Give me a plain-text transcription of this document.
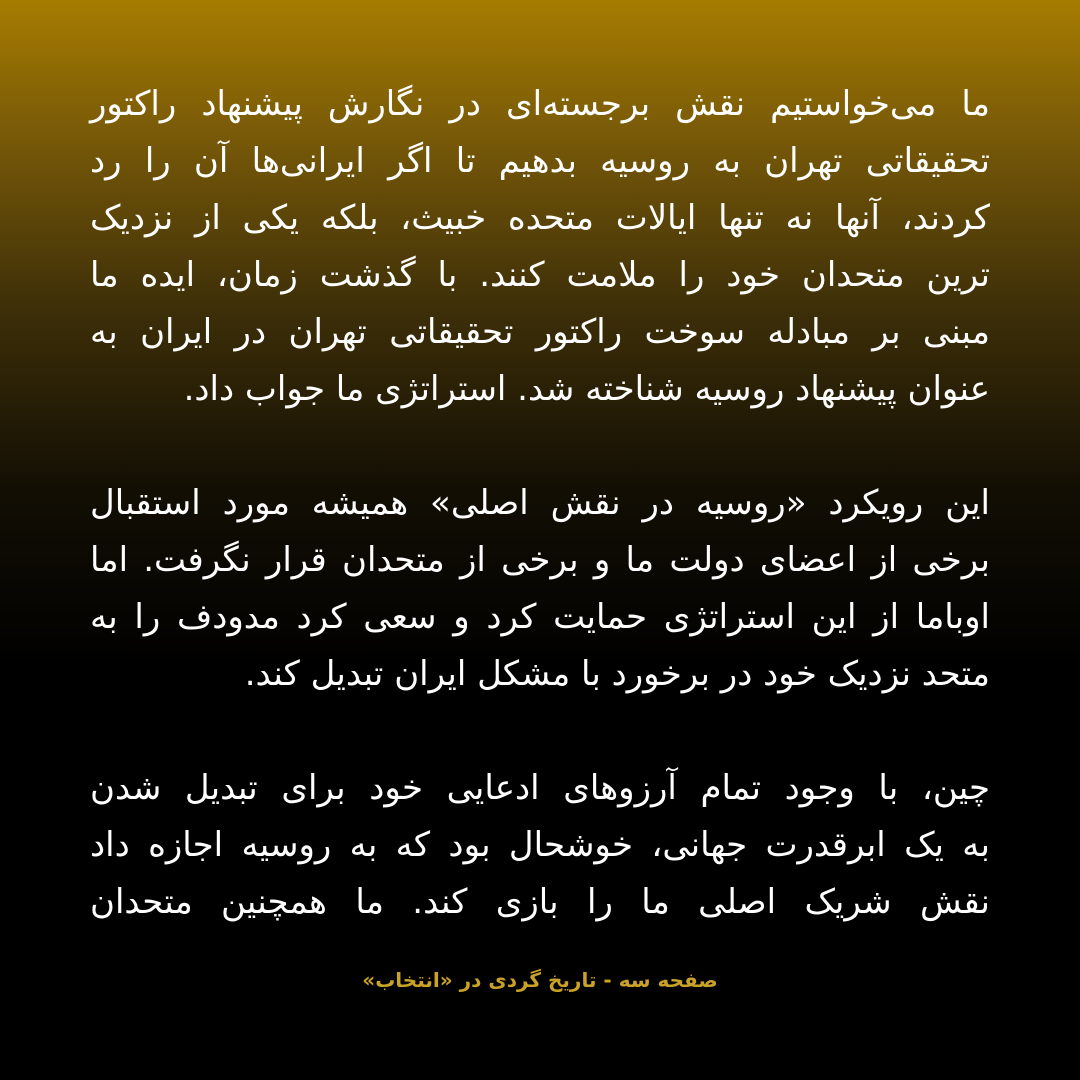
ما می‌خواستیم نقش برجسته‌ای در نگارش پیشنهاد راکتور
تحقیقاتی تهران به روسیه بدهیم تا اگر ایرانی‌ها آن را رد
کردند، آنها نه تنها ایالات متحده خبیث، بلکه یکی از نزدیک
ترین متحدان خود را ملامت کنند. با گذشت زمان، ایده ما
مبنی بر مبادله سوخت راکتور تحقیقاتی تهران در ایران به
عنوان پیشنهاد روسیه شناخته شد. استراتژی ما جواب داد.
این رویکرد «روسیه در نقش اصلی» همیشه مورد استقبال
برخی از اعضای دولت ما و برخی از متحدان قرار نگرفت. اما
اوباما از این استراتژی حمایت کرد و سعی کرد مدودف را به
متحد نزدیک خود در برخورد با مشکل ایران تبدیل کند.
چین، با وجود تمام آرزوهای ادعایی خود برای تبدیل شدن
به یک ابرقدرت جهانی، خوشحال بود که به روسیه اجازه داد
نقش شریک اصلی ما را بازی کند. ما همچنین متحدان
صفحه سه - تاریخ گردی در «انتخاب»
